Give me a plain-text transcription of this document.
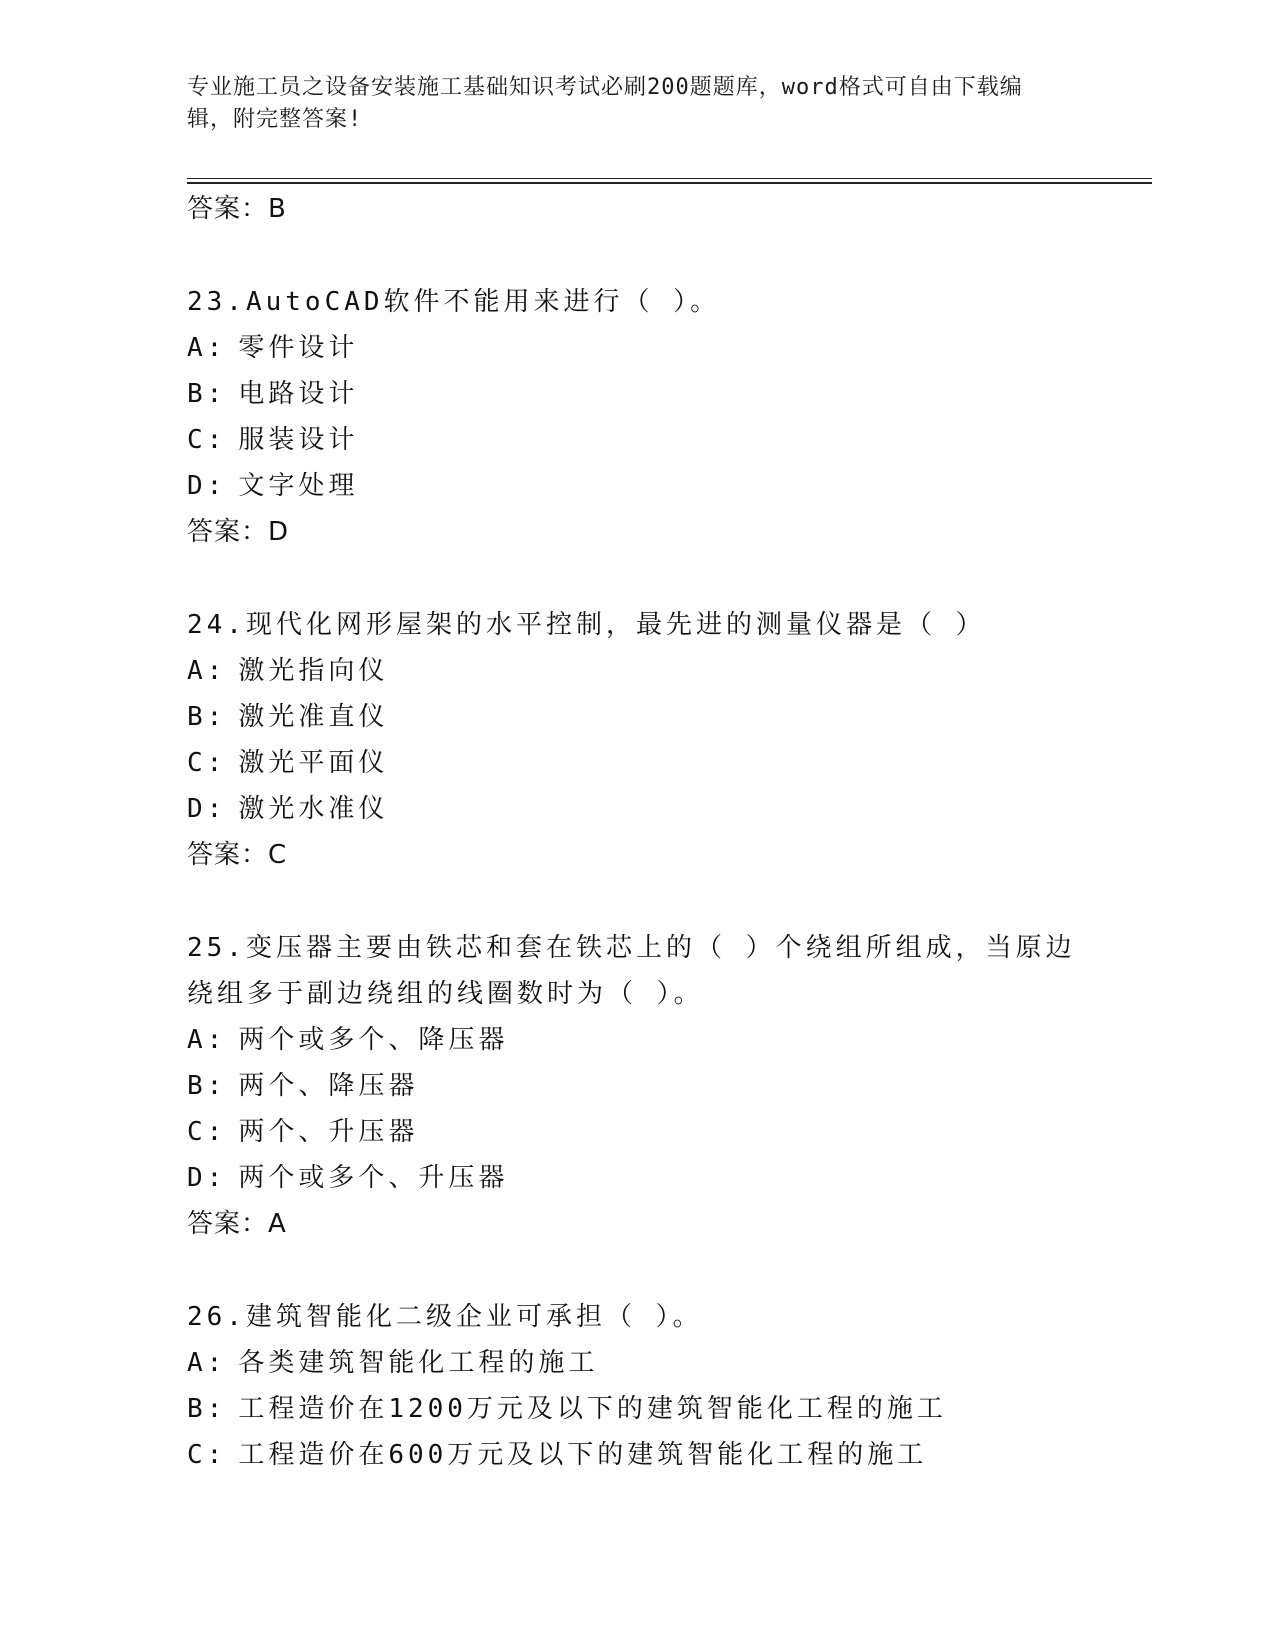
专业施工员之设备安装施工基础知识考试必刷200题题库，word格式可自由下载编辑，附完整答案!
答案：B

23.AutoCAD软件不能用来进行（ ）。

A: 零件设计

B: 电路设计

C: 服装设计

D: 文字处理

答案：D

24.现代化网形屋架的水平控制，最先进的测量仪器是（ ）

A: 激光指向仪

B: 激光准直仪

C: 激光平面仪

D: 激光水准仪

答案：C

25.变压器主要由铁芯和套在铁芯上的（ ）个绕组所组成，当原边绕组多于副边绕组的线圈数时为（ ）。

A: 两个或多个、降压器

B: 两个、降压器

C: 两个、升压器

D: 两个或多个、升压器

答案：A

26.建筑智能化二级企业可承担（ ）。

A: 各类建筑智能化工程的施工

B: 工程造价在1200万元及以下的建筑智能化工程的施工

C: 工程造价在600万元及以下的建筑智能化工程的施工
